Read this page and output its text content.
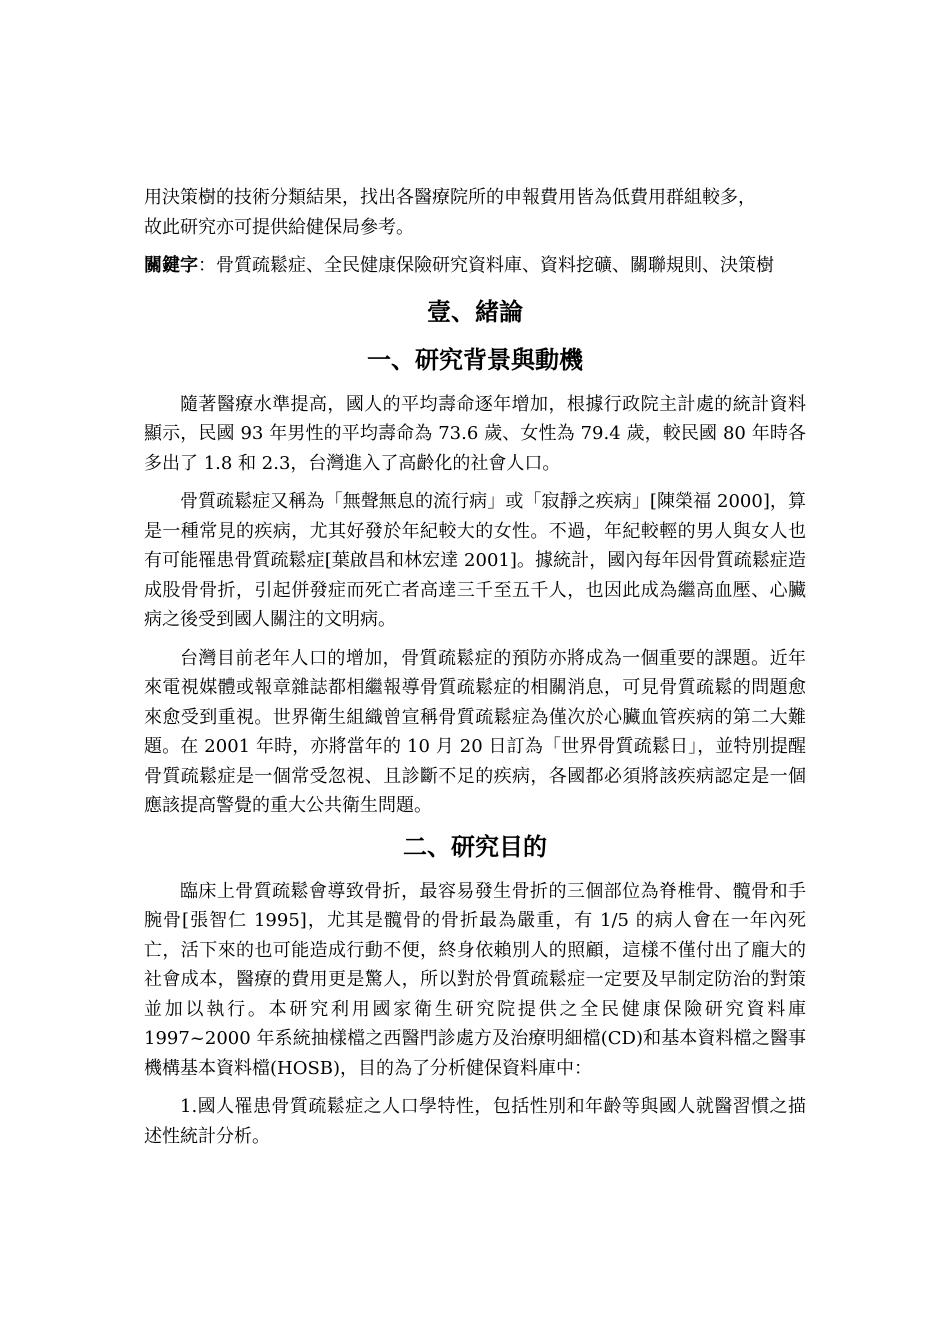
用決策樹的技術分類結果，找出各醫療院所的申報費用皆為低費用群組較多，
故此研究亦可提供給健保局參考。

關鍵字：骨質疏鬆症、全民健康保險研究資料庫、資料挖礦、關聯規則、決策樹

壹、緒論
一、研究背景與動機

隨著醫療水準提高，國人的平均壽命逐年增加，根據行政院主計處的統計資料顯示，民國 93 年男性的平均壽命為 73.6 歲、女性為 79.4 歲，較民國 80 年時各多出了 1.8 和 2.3，台灣進入了高齡化的社會人口。

骨質疏鬆症又稱為「無聲無息的流行病」或「寂靜之疾病」[陳榮福 2000]，算是一種常見的疾病，尤其好發於年紀較大的女性。不過，年紀較輕的男人與女人也有可能罹患骨質疏鬆症[葉啟昌和林宏達 2001]。據統計，國內每年因骨質疏鬆症造成股骨骨折，引起併發症而死亡者高達三千至五千人，也因此成為繼高血壓、心臟病之後受到國人關注的文明病。

台灣目前老年人口的增加，骨質疏鬆症的預防亦將成為一個重要的課題。近年來電視媒體或報章雜誌都相繼報導骨質疏鬆症的相關消息，可見骨質疏鬆的問題愈來愈受到重視。世界衛生組織曾宣稱骨質疏鬆症為僅次於心臟血管疾病的第二大難題。在 2001 年時，亦將當年的 10 月 20 日訂為「世界骨質疏鬆日」，並特別提醒骨質疏鬆症是一個常受忽視、且診斷不足的疾病，各國都必須將該疾病認定是一個應該提高警覺的重大公共衛生問題。

二、研究目的

臨床上骨質疏鬆會導致骨折，最容易發生骨折的三個部位為脊椎骨、髖骨和手腕骨[張智仁 1995]，尤其是髖骨的骨折最為嚴重，有 1/5 的病人會在一年內死亡，活下來的也可能造成行動不便，終身依賴別人的照顧，這樣不僅付出了龐大的社會成本，醫療的費用更是驚人，所以對於骨質疏鬆症一定要及早制定防治的對策並加以執行。本研究利用國家衛生研究院提供之全民健康保險研究資料庫 1997~2000 年系統抽樣檔之西醫門診處方及治療明細檔(CD)和基本資料檔之醫事機構基本資料檔(HOSB)，目的為了分析健保資料庫中：

1.國人罹患骨質疏鬆症之人口學特性，包括性別和年齡等與國人就醫習慣之描述性統計分析。
